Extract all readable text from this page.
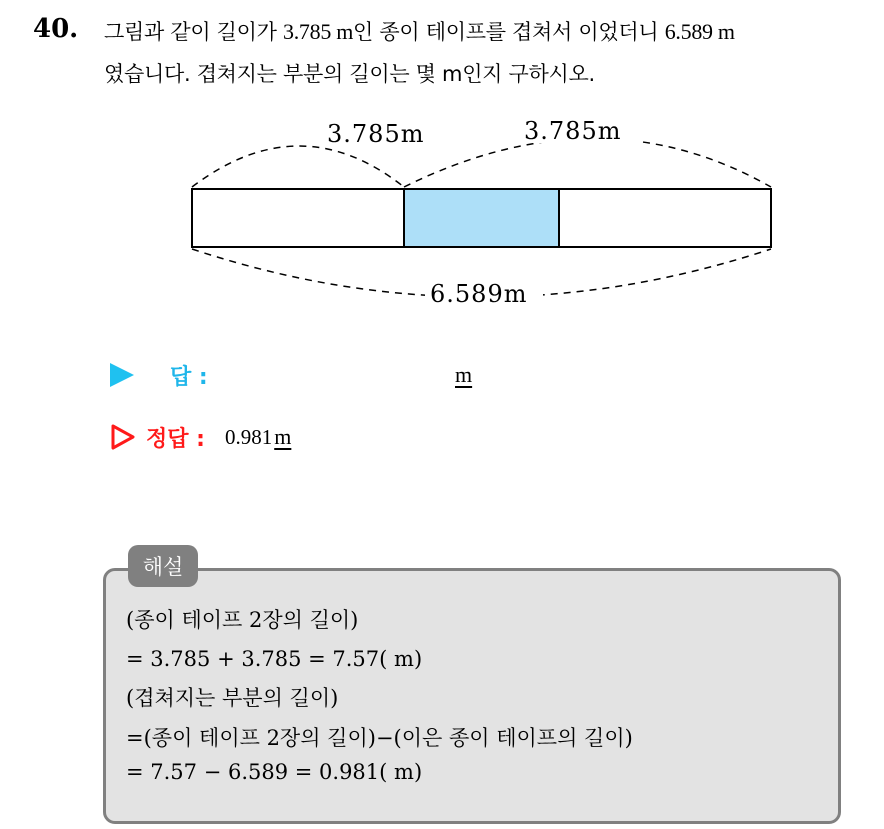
40. 그림과 같이 길이가 3.785 m인 종이 테이프를 겹쳐서 이었더니 6.589 m
였습니다. 겹쳐지는 부분의 길이는 몇 m인지 구하시오.
3.785m	3.785m
6.589m
답 :	m
정답 : 0.981 m
해설
(종이 테이프 2장의 길이)
= 3.785 + 3.785 = 7.57( m)
(겹쳐지는 부분의 길이)
=(종이 테이프 2장의 길이)−(이은 종이 테이프의 길이)
= 7.57 − 6.589 = 0.981( m)
